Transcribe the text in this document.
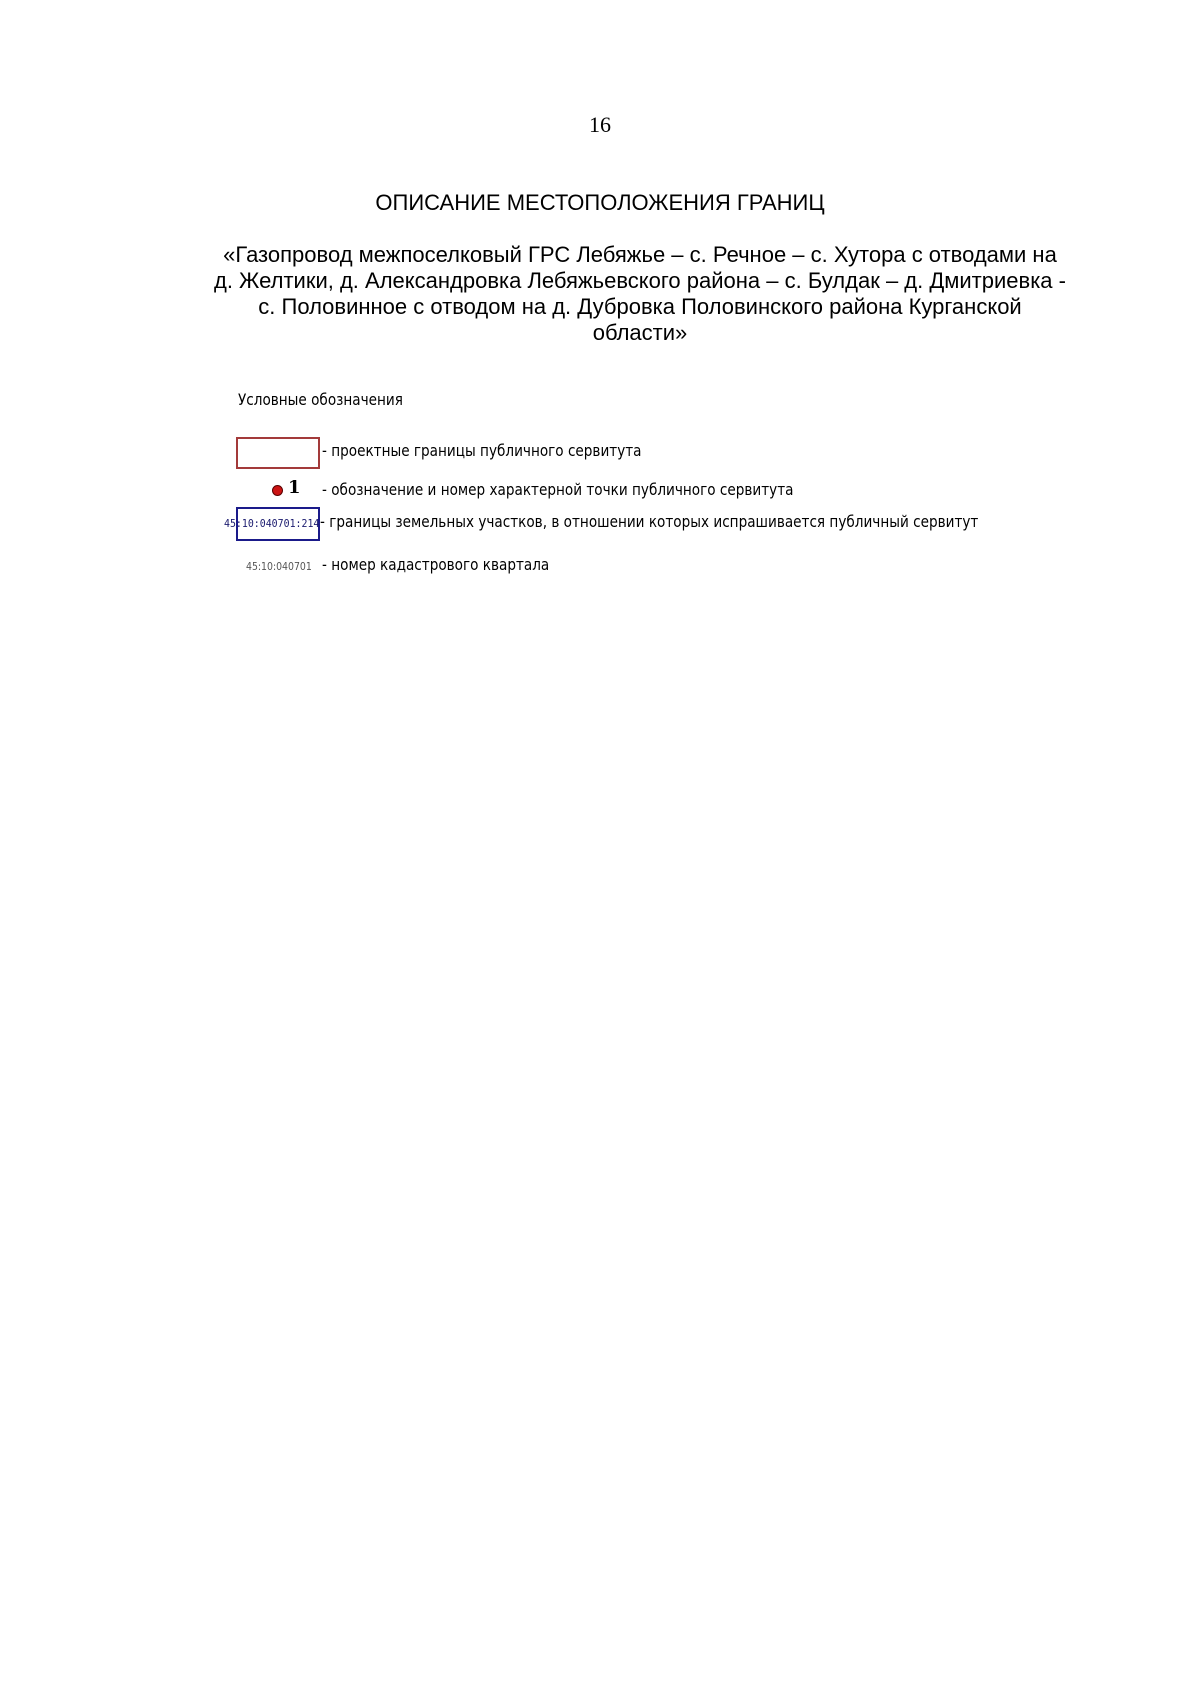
16
ОПИСАНИЕ МЕСТОПОЛОЖЕНИЯ ГРАНИЦ
«Газопровод межпоселковый ГРС Лебяжье – с. Речное – с. Хутора с отводами на
д. Желтики, д. Александровка Лебяжьевского района – с. Булдак – д. Дмитриевка -
с. Половинное с отводом на д. Дубровка Половинского района Курганской
области»
Условные обозначения
- проектные границы публичного сервитута
1 - обозначение и номер характерной точки публичного сервитута
45:10:040701:214 - границы земельных участков, в отношении которых испрашивается публичный сервитут
45:10:040701 - номер кадастрового квартала
